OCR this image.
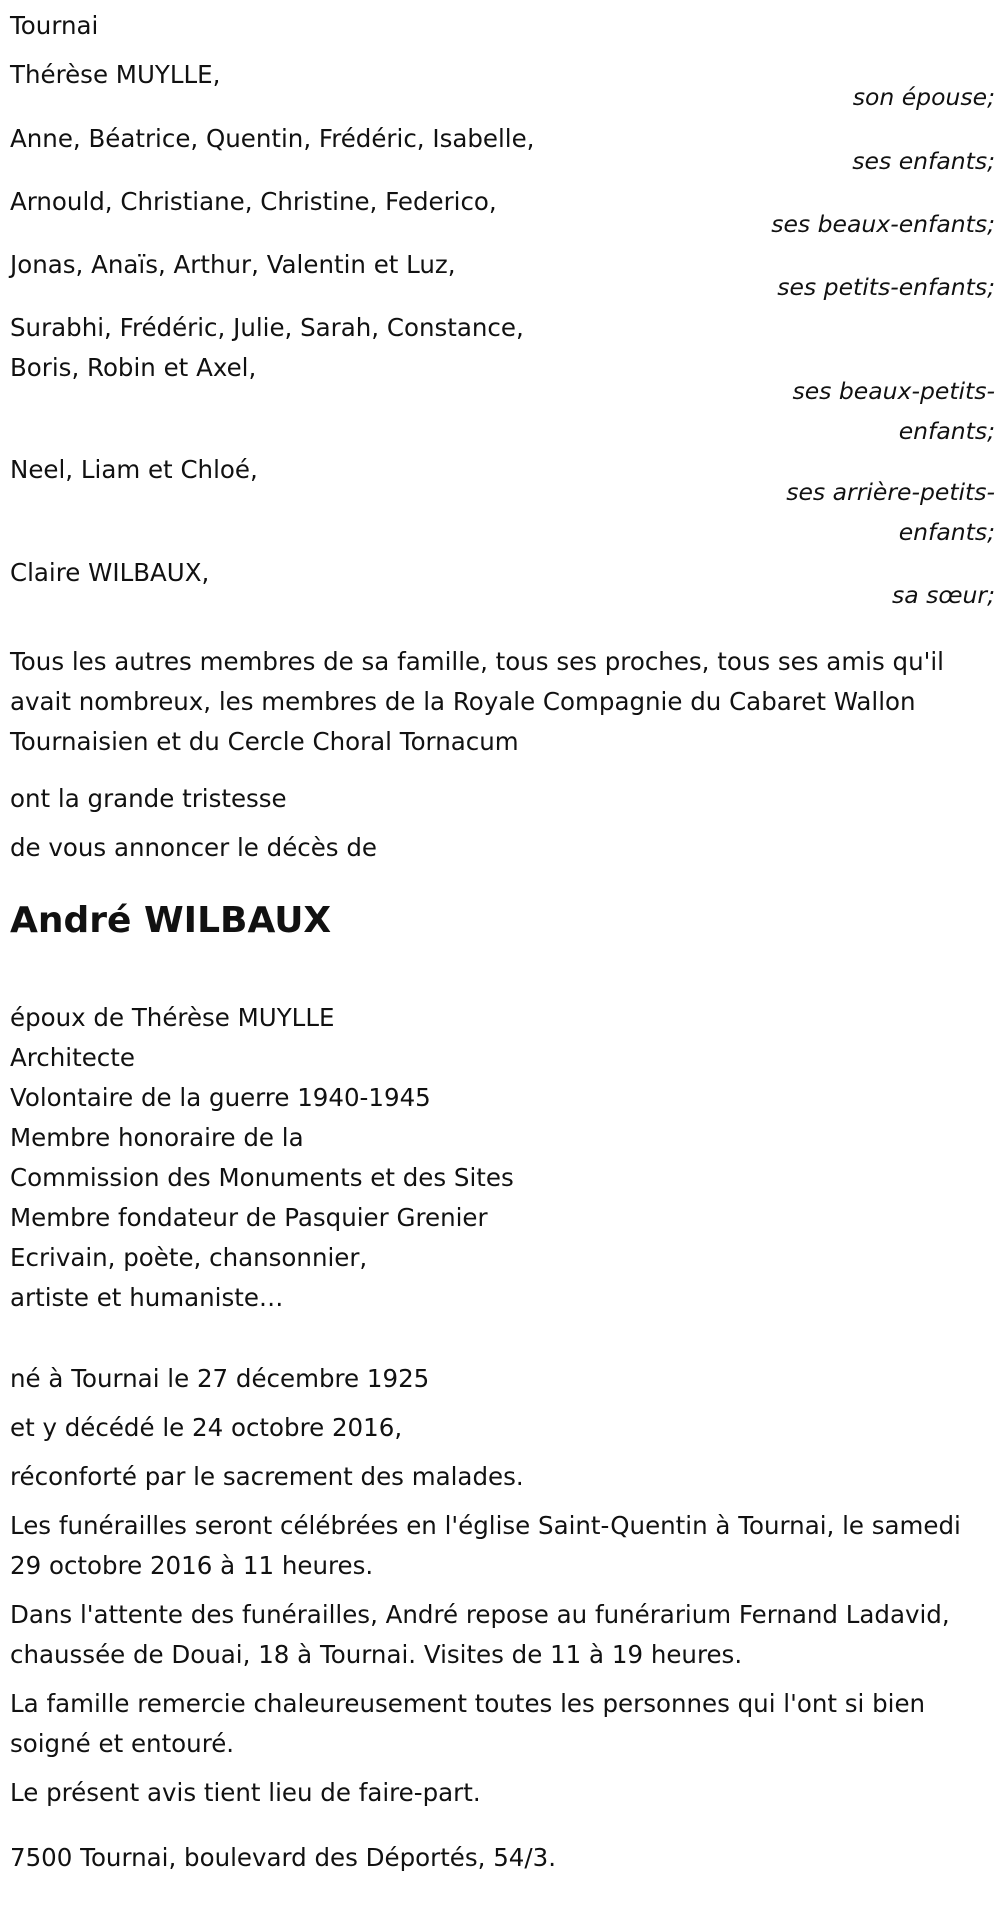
Tournai

Thérèse MUYLLE,
son épouse;
Anne, Béatrice, Quentin, Frédéric, Isabelle,
ses enfants;
Arnould, Christiane, Christine, Federico,
ses beaux-enfants;
Jonas, Anaïs, Arthur, Valentin et Luz,
ses petits-enfants;
Surabhi, Frédéric, Julie, Sarah, Constance, Boris, Robin et Axel,
ses beaux-petits-enfants;
Neel, Liam et Chloé,
ses arrière-petits-enfants;
Claire WILBAUX,
sa sœur;

Tous les autres membres de sa famille, tous ses proches, tous ses amis qu'il avait nombreux, les membres de la Royale Compagnie du Cabaret Wallon Tournaisien et du Cercle Choral Tornacum

ont la grande tristesse

de vous annoncer le décès de

André WILBAUX
époux de Thérèse MUYLLE
Architecte
Volontaire de la guerre 1940-1945
Membre honoraire de la
Commission des Monuments et des Sites
Membre fondateur de Pasquier Grenier
Ecrivain, poète, chansonnier,
artiste et humaniste…

né à Tournai le 27 décembre 1925

et y décédé le 24 octobre 2016,

réconforté par le sacrement des malades.

Les funérailles seront célébrées en l'église Saint-Quentin à Tournai, le samedi 29 octobre 2016 à 11 heures.

Dans l'attente des funérailles, André repose au funérarium Fernand Ladavid, chaussée de Douai, 18 à Tournai. Visites de 11 à 19 heures.

La famille remercie chaleureusement toutes les personnes qui l'ont si bien soigné et entouré.

Le présent avis tient lieu de faire-part.

7500 Tournai, boulevard des Déportés, 54/3.
